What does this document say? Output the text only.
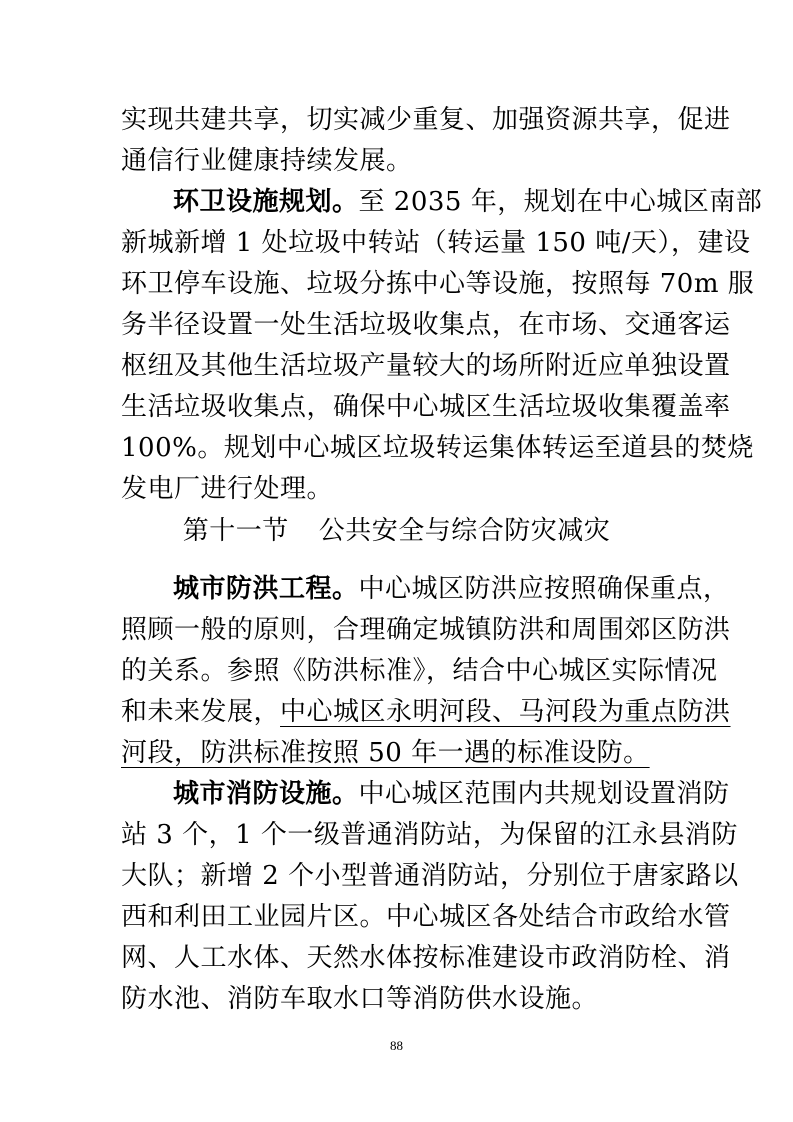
实现共建共享，切实减少重复、加强资源共享，促进
通信行业健康持续发展。
环卫设施规划。至 2035 年，规划在中心城区南部
新城新增 1 处垃圾中转站（转运量 150 吨/天），建设
环卫停车设施、垃圾分拣中心等设施，按照每 70m 服
务半径设置一处生活垃圾收集点，在市场、交通客运
枢纽及其他生活垃圾产量较大的场所附近应单独设置
生活垃圾收集点，确保中心城区生活垃圾收集覆盖率
100%。规划中心城区垃圾转运集体转运至道县的焚烧
发电厂进行处理。
第十一节 公共安全与综合防灾减灾
城市防洪工程。中心城区防洪应按照确保重点，
照顾一般的原则，合理确定城镇防洪和周围郊区防洪
的关系。参照《防洪标准》，结合中心城区实际情况
和未来发展，中心城区永明河段、马河段为重点防洪
河段，防洪标准按照 50 年一遇的标准设防。
城市消防设施。中心城区范围内共规划设置消防
站 3 个，1 个一级普通消防站，为保留的江永县消防
大队；新增 2 个小型普通消防站，分别位于唐家路以
西和利田工业园片区。中心城区各处结合市政给水管
网、人工水体、天然水体按标准建设市政消防栓、消
防水池、消防车取水口等消防供水设施。
88
